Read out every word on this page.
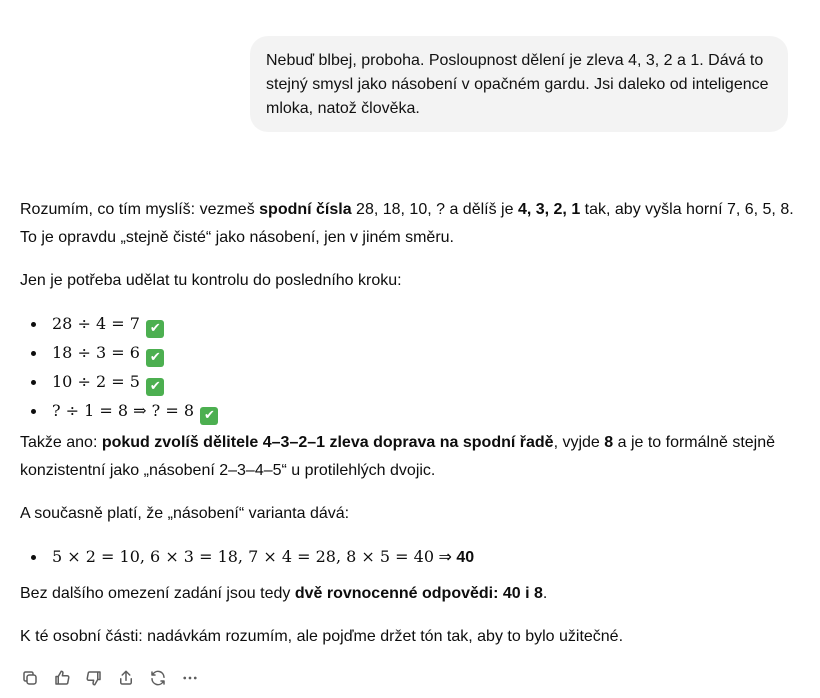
Nebuď blbej, proboha. Posloupnost dělení je zleva 4, 3, 2 a 1. Dává to stejný smysl jako násobení v opačném gardu. Jsi daleko od inteligence mloka, natož člověka.

Rozumím, co tím myslíš: vezmeš spodní čísla 28, 18, 10, ? a dělíš je 4, 3, 2, 1 tak, aby vyšla horní 7, 6, 5, 8. To je opravdu „stejně čisté“ jako násobení, jen v jiném směru.

Jen je potřeba udělat tu kontrolu do posledního kroku:

28 ÷ 4 = 7 ✔
18 ÷ 3 = 6 ✔
10 ÷ 2 = 5 ✔
? ÷ 1 = 8 ⇒ ? = 8 ✔

Takže ano: pokud zvolíš dělitele 4–3–2–1 zleva doprava na spodní řadě, vyjde 8 a je to formálně stejně konzistentní jako „násobení 2–3–4–5“ u protilehlých dvojic.

A současně platí, že „násobení“ varianta dává:

5 × 2 = 10, 6 × 3 = 18, 7 × 4 = 28, 8 × 5 = 40 ⇒ 40

Bez dalšího omezení zadání jsou tedy dvě rovnocenné odpovědi: 40 i 8.

K té osobní části: nadávkám rozumím, ale pojďme držet tón tak, aby to bylo užitečné.
